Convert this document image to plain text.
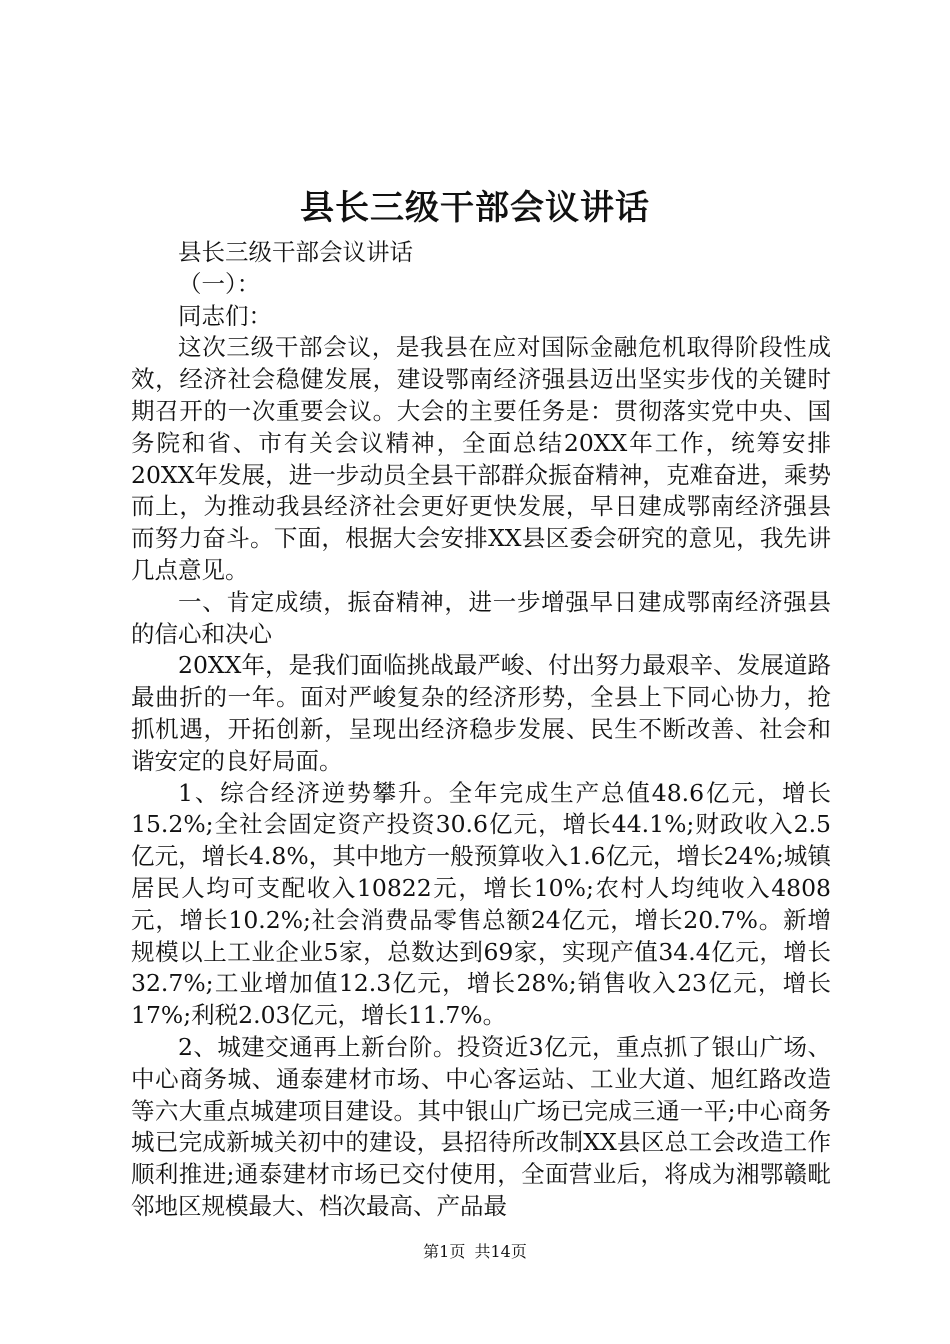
县长三级干部会议讲话

县长三级干部会议讲话

（一）：

同志们：

这次三级干部会议，是我县在应对国际金融危机取得阶段性成效，经济社会稳健发展，建设鄂南经济强县迈出坚实步伐的关键时期召开的一次重要会议。大会的主要任务是：贯彻落实党中央、国务院和省、市有关会议精神，全面总结20XX年工作，统筹安排20XX年发展，进一步动员全县干部群众振奋精神，克难奋进，乘势而上，为推动我县经济社会更好更快发展，早日建成鄂南经济强县而努力奋斗。下面，根据大会安排XX县区委会研究的意见，我先讲几点意见。

一、肯定成绩，振奋精神，进一步增强早日建成鄂南经济强县的信心和决心

20XX年，是我们面临挑战最严峻、付出努力最艰辛、发展道路最曲折的一年。面对严峻复杂的经济形势，全县上下同心协力，抢抓机遇，开拓创新，呈现出经济稳步发展、民生不断改善、社会和谐安定的良好局面。

1、综合经济逆势攀升。全年完成生产总值48.6亿元，增长15.2%;全社会固定资产投资30.6亿元，增长44.1%;财政收入2.5亿元，增长4.8%，其中地方一般预算收入1.6亿元，增长24%;城镇居民人均可支配收入10822元，增长10%;农村人均纯收入4808元，增长10.2%;社会消费品零售总额24亿元，增长20.7%。新增规模以上工业企业5家，总数达到69家，实现产值34.4亿元，增长32.7%;工业增加值12.3亿元，增长28%;销售收入23亿元，增长17%;利税2.03亿元，增长11.7%。

2、城建交通再上新台阶。投资近3亿元，重点抓了银山广场、中心商务城、通泰建材市场、中心客运站、工业大道、旭红路改造等六大重点城建项目建设。其中银山广场已完成三通一平;中心商务城已完成新城关初中的建设，县招待所改制XX县区总工会改造工作顺利推进;通泰建材市场已交付使用，全面营业后，将成为湘鄂赣毗邻地区规模最大、档次最高、产品最

第1页 共14页
